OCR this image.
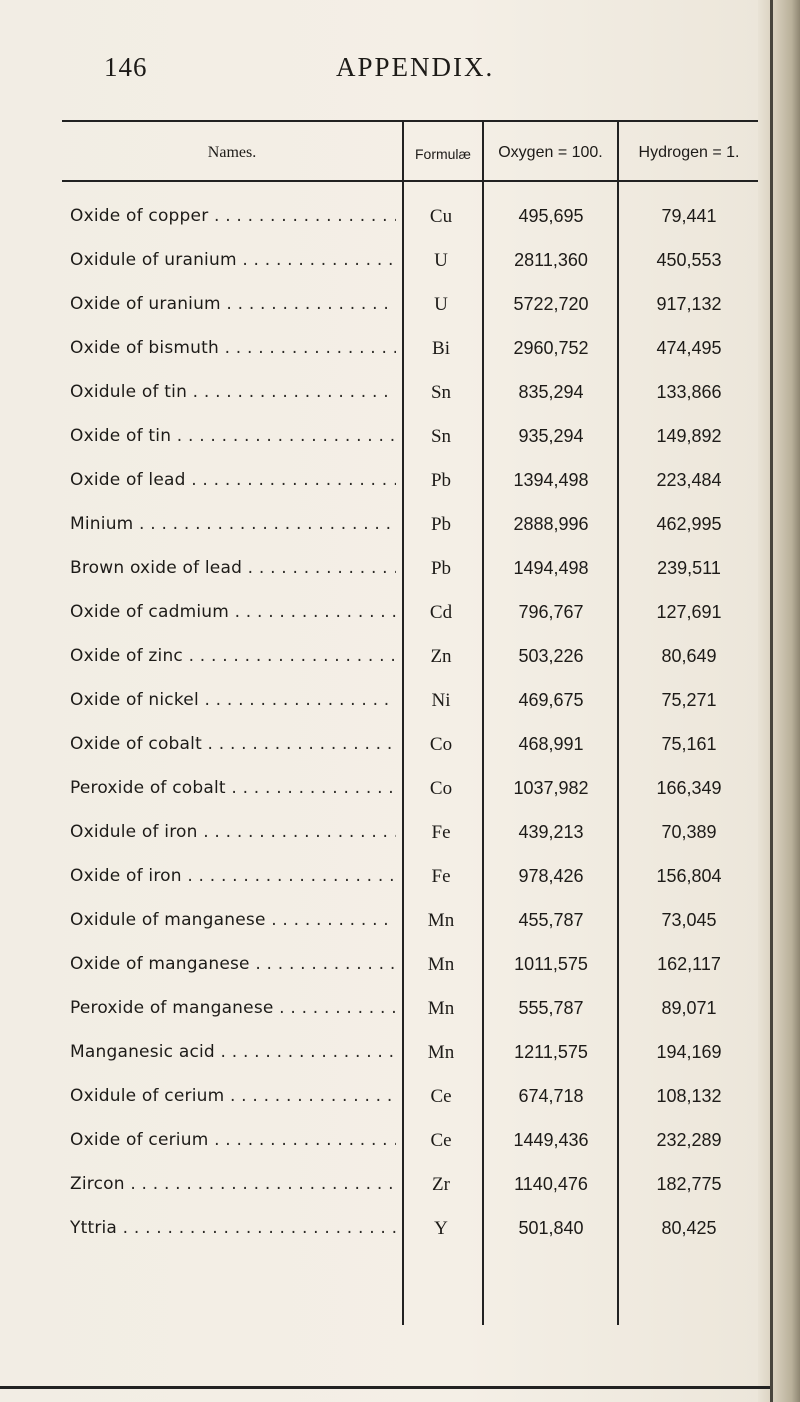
146	APPENDIX.
Names.	Formulæ	Oxygen = 100.	Hydrogen = 1.
Oxide of copper . . .	Cu	495,695	79,441
Oxidule of uranium . . .	U	2811,360	450,553
Oxide of uranium . . .	U	5722,720	917,132
Oxide of bismuth . . .	Bi	2960,752	474,495
Oxidule of tin . . .	Sn	835,294	133,866
Oxide of tin . . .	Sn	935,294	149,892
Oxide of lead . . .	Pb	1394,498	223,484
Minium . . .	Pb	2888,996	462,995
Brown oxide of lead . . .	Pb	1494,498	239,511
Oxide of cadmium . . .	Cd	796,767	127,691
Oxide of zinc . . .	Zn	503,226	80,649
Oxide of nickel . . .	Ni	469,675	75,271
Oxide of cobalt . . .	Co	468,991	75,161
Peroxide of cobalt . . .	Co	1037,982	166,349
Oxidule of iron . . .	Fe	439,213	70,389
Oxide of iron . . .	Fe	978,426	156,804
Oxidule of manganese . . .	Mn	455,787	73,045
Oxide of manganese . . .	Mn	1011,575	162,117
Peroxide of manganese . . .	Mn	555,787	89,071
Manganesic acid . . .	Mn	1211,575	194,169
Oxidule of cerium . . .	Ce	674,718	108,132
Oxide of cerium . . .	Ce	1449,436	232,289
Zircon . . .	Zr	1140,476	182,775
Yttria . . .	Y	501,840	80,425
